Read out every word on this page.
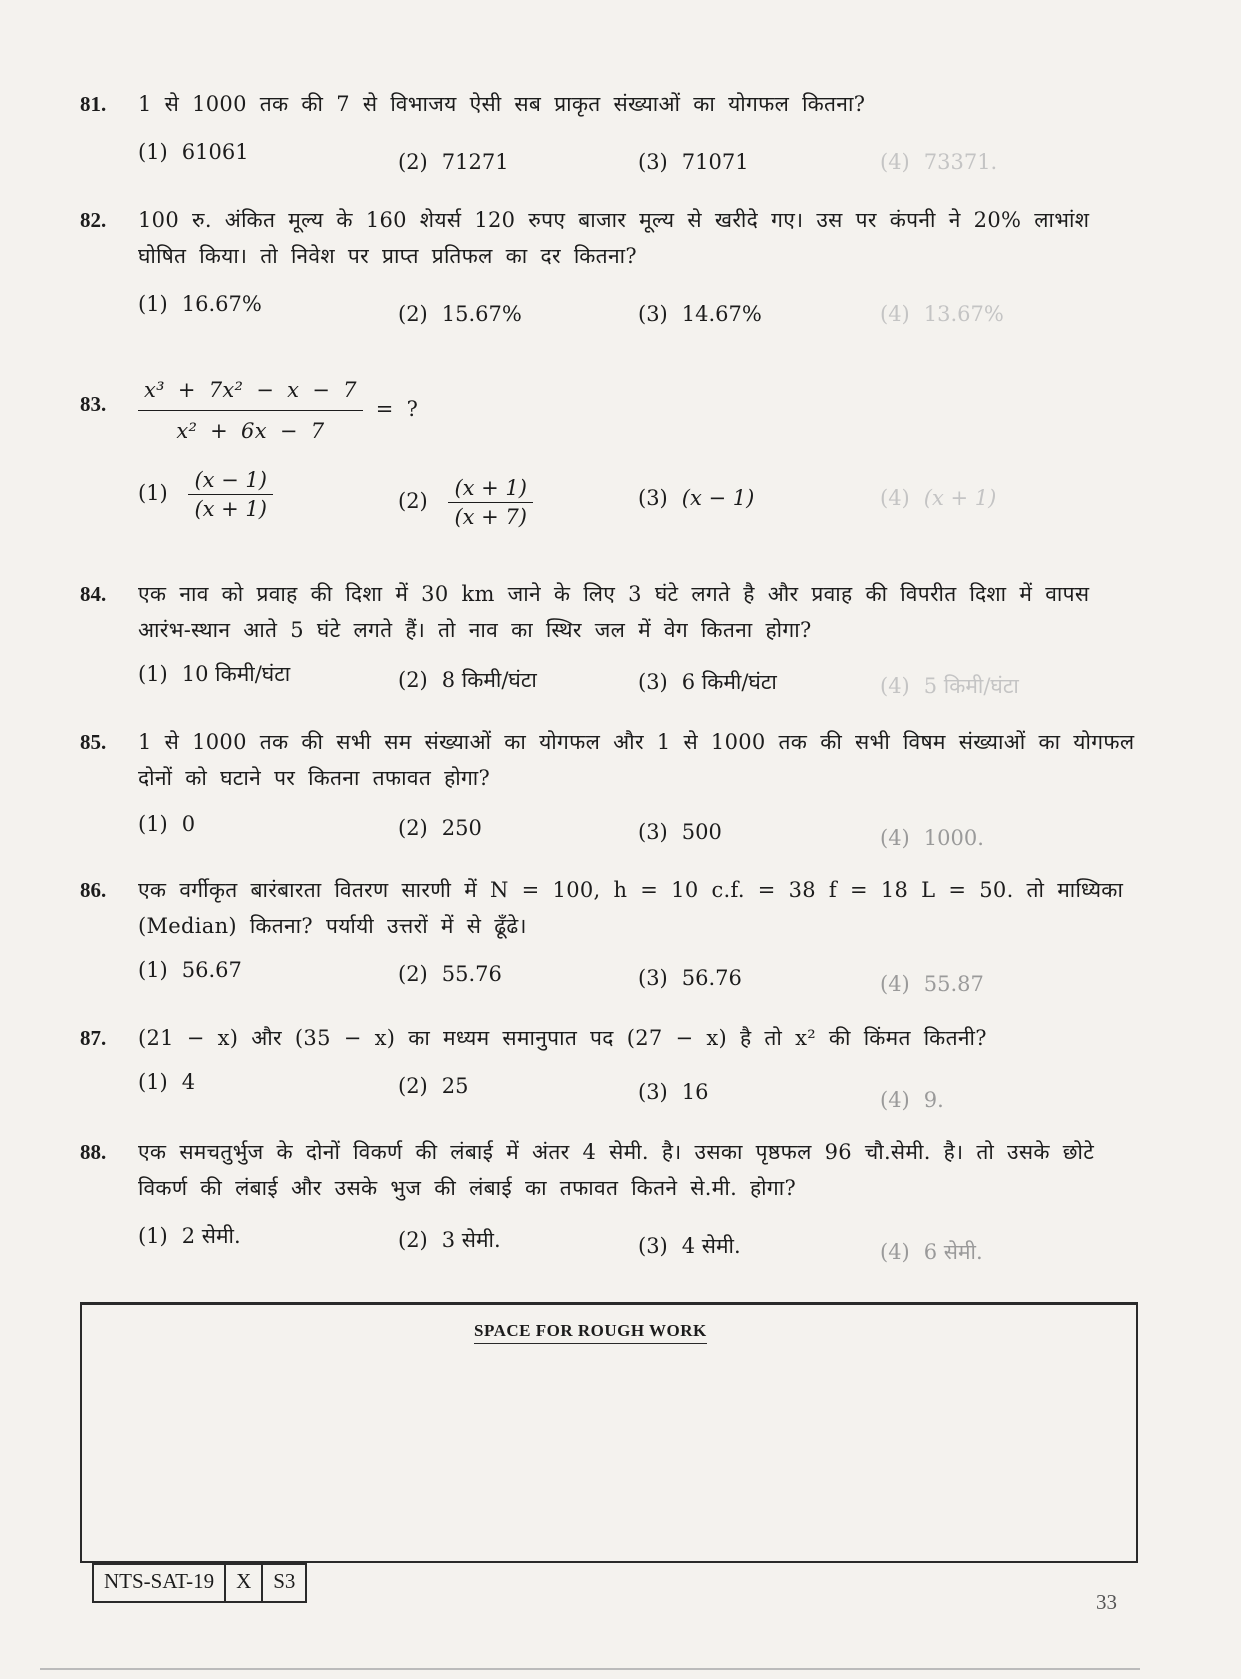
81. 1 से 1000 तक की 7 से विभाजय ऐसी सब प्राकृत संख्याओं का योगफल कितना?
(1) 61061	(2) 71271	(3) 71071	(4) 73371.
82. 100 रु. अंकित मूल्य के 160 शेयर्स 120 रुपए बाजार मूल्य से खरीदे गए। उस पर कंपनी ने 20% लाभांश घोषित किया। तो निवेश पर प्राप्त प्रतिफल का दर कितना?
(1) 16.67%	(2) 15.67%	(3) 14.67%	(4) 13.67%
83. $\frac{\text{x³ + 7x² − x − 7}}{\text{x² + 6x − 7}}$ = ?
$(1) \frac{(x - 1)}{(x + 1)}$	$(2) \frac{(x + 1)}{(x + 7)}$	(3) (x − 1)	(4) (x + 1)
84. एक नाव को प्रवाह की दिशा में 30 km जाने के लिए 3 घंटे लगते है और प्रवाह की विपरीत दिशा में वापस आरंभ-स्थान आते 5 घंटे लगते हैं। तो नाव का स्थिर जल में वेग कितना होगा?
(1) 10 किमी/घंटा	(2) 8 किमी/घंटा	(3) 6 किमी/घंटा	(4) 5 किमी/घंटा
85. 1 से 1000 तक की सभी सम संख्याओं का योगफल और 1 से 1000 तक की सभी विषम संख्याओं का योगफल दोनों को घटाने पर कितना तफावत होगा?
(1) 0	(2) 250	(3) 500	(4) 1000.
86. एक वर्गीकृत बारंबारता वितरण सारणी में N = 100, h = 10 c.f. = 38 f = 18 L = 50. तो माध्यिका (Median) कितना? पर्यायी उत्तरों में से ढूँढे।
(1) 56.67	(2) 55.76	(3) 56.76	(4) 55.87
87. (21 − x) और (35 − x) का मध्यम समानुपात पद (27 − x) है तो x² की किंमत कितनी?
(1) 4	(2) 25	(3) 16	(4) 9.
88. एक समचतुर्भुज के दोनों विकर्ण की लंबाई में अंतर 4 सेमी. है। उसका पृष्ठफल 96 चौ.सेमी. है। तो उसके छोटे विकर्ण की लंबाई और उसके भुज की लंबाई का तफावत कितने से.मी. होगा?
(1) 2 सेमी.	(2) 3 सेमी.	(3) 4 सेमी.	(4) 6 सेमी.
SPACE FOR ROUGH WORK
NTS-SAT-19	X	S3
33
